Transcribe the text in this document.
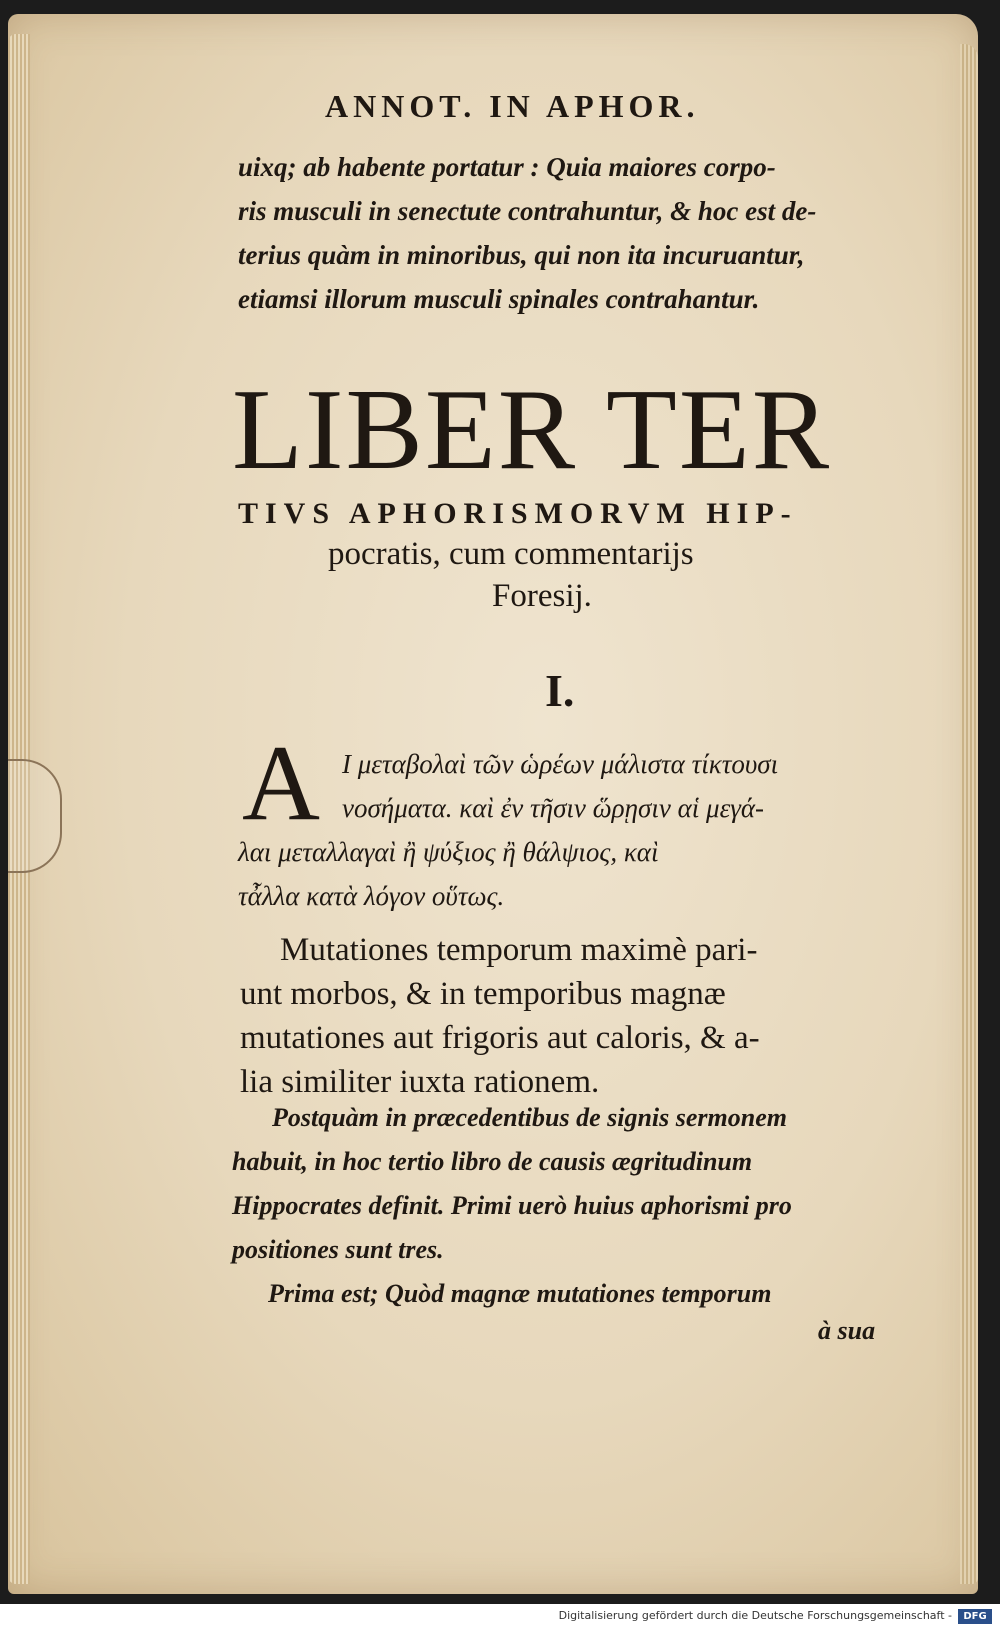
ANNOT. IN APHOR.
uixq; ab habente portatur : Quia maiores corpo-
ris musculi in senectute contrahuntur, & hoc est de-
terius quàm in minoribus, qui non ita incuruantur,
etiamsi illorum musculi spinales contrahantur.
LIBER TER
TIVS APHORISMORVM HIP-
pocratis, cum commentarijs
Foresij.
I.
A Ι μεταβολαὶ τῶν ὡρέων μάλιστα τίκτουσι
νοσήματα. καὶ ἐν τῆσιν ὥρῃσιν αἱ μεγά-
λαι μεταλλαγαὶ ἢ ψύξιος ἢ θάλψιος, καὶ
τἆλλα κατὰ λόγον οὕτως.
Mutationes temporum maximè pari-
unt morbos, & in temporibus magnæ
mutationes aut frigoris aut caloris, & a-
lia similiter iuxta rationem.
Postquàm in præcedentibus de signis sermonem
habuit, in hoc tertio libro de causis ægritudinum
Hippocrates definit. Primi uerò huius aphorismi pro
positiones sunt tres.
Prima est; Quòd magnæ mutationes temporum
à sua
Digitalisierung gefördert durch die Deutsche Forschungsgemeinschaft -	DFG
